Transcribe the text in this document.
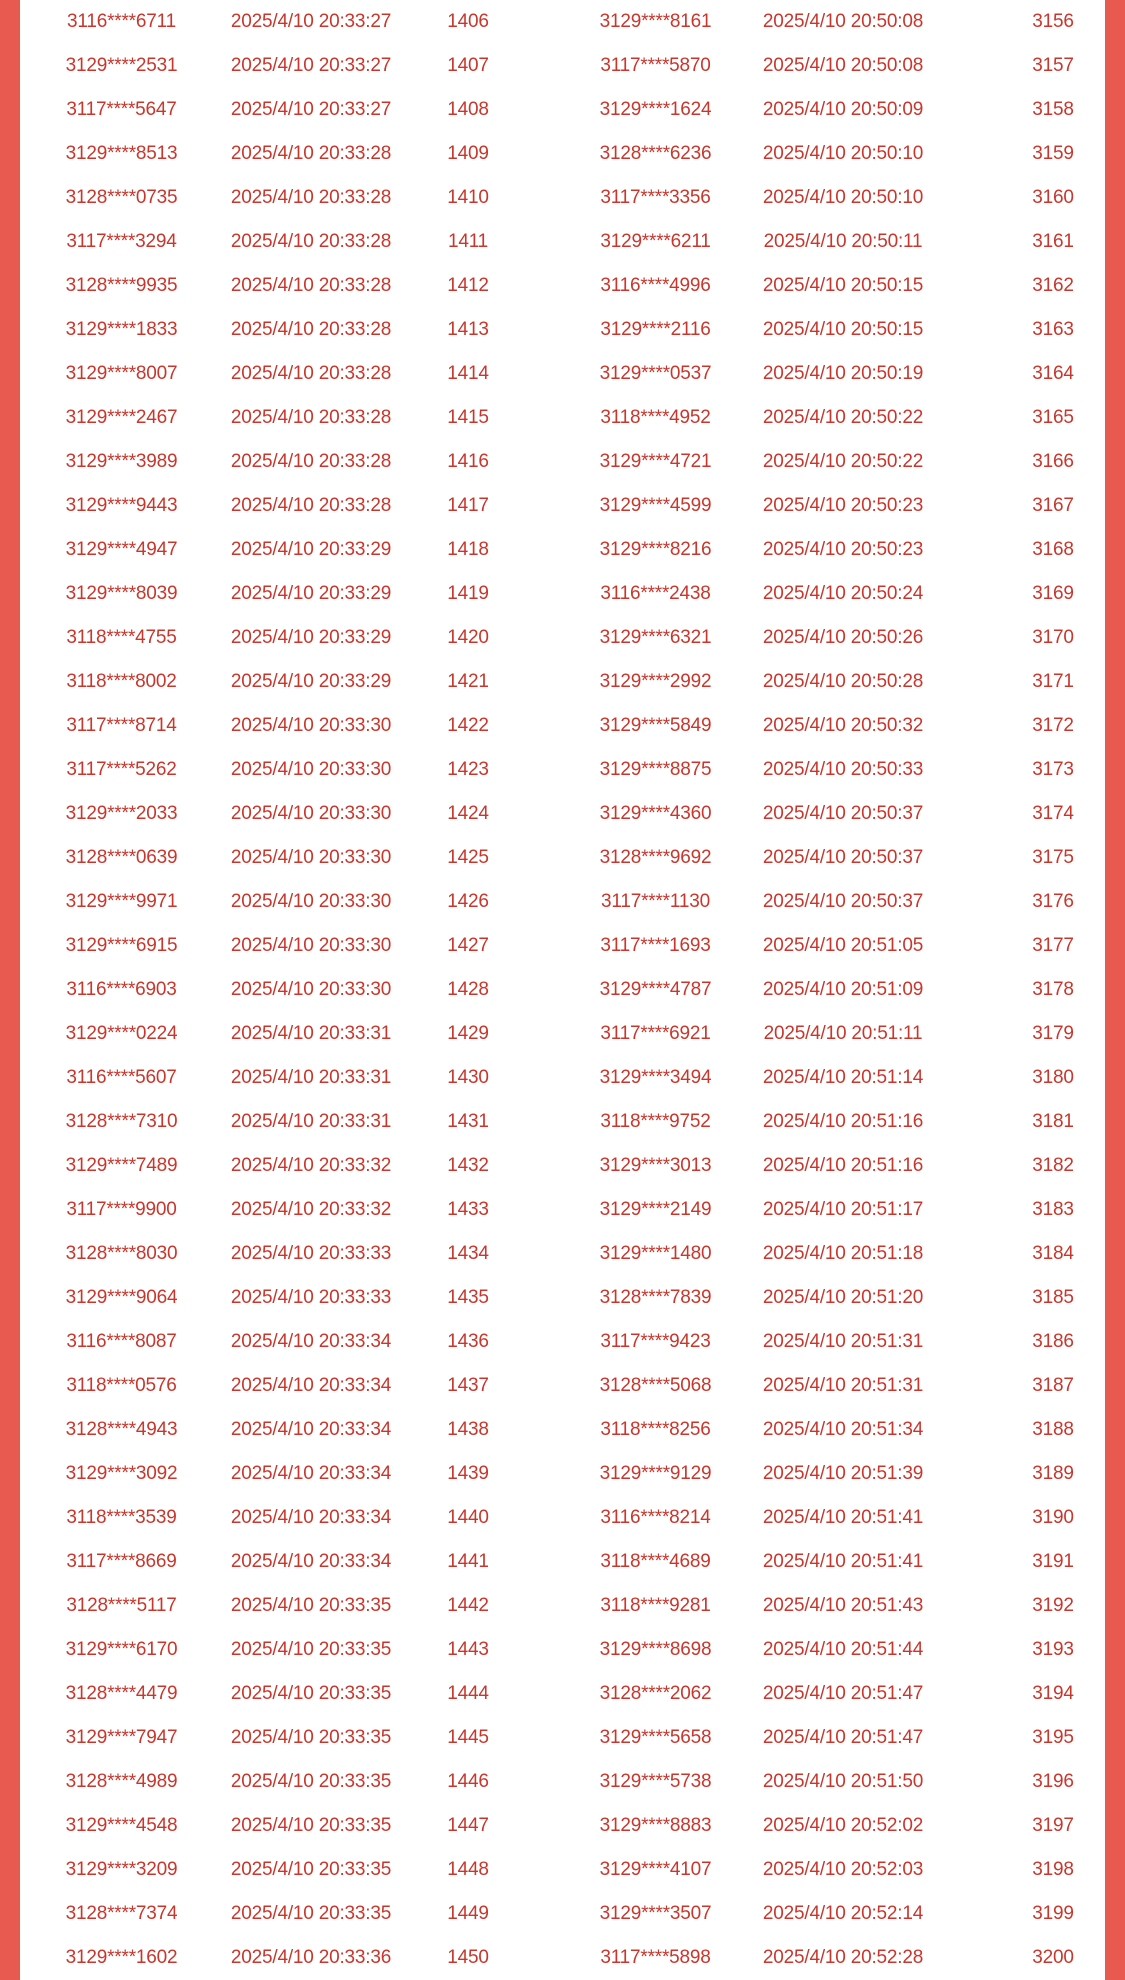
3116****6711	2025/4/10 20:33:27	1406	3129****8161	2025/4/10 20:50:08	3156
3129****2531	2025/4/10 20:33:27	1407	3117****5870	2025/4/10 20:50:08	3157
3117****5647	2025/4/10 20:33:27	1408	3129****1624	2025/4/10 20:50:09	3158
3129****8513	2025/4/10 20:33:28	1409	3128****6236	2025/4/10 20:50:10	3159
3128****0735	2025/4/10 20:33:28	1410	3117****3356	2025/4/10 20:50:10	3160
3117****3294	2025/4/10 20:33:28	1411	3129****6211	2025/4/10 20:50:11	3161
3128****9935	2025/4/10 20:33:28	1412	3116****4996	2025/4/10 20:50:15	3162
3129****1833	2025/4/10 20:33:28	1413	3129****2116	2025/4/10 20:50:15	3163
3129****8007	2025/4/10 20:33:28	1414	3129****0537	2025/4/10 20:50:19	3164
3129****2467	2025/4/10 20:33:28	1415	3118****4952	2025/4/10 20:50:22	3165
3129****3989	2025/4/10 20:33:28	1416	3129****4721	2025/4/10 20:50:22	3166
3129****9443	2025/4/10 20:33:28	1417	3129****4599	2025/4/10 20:50:23	3167
3129****4947	2025/4/10 20:33:29	1418	3129****8216	2025/4/10 20:50:23	3168
3129****8039	2025/4/10 20:33:29	1419	3116****2438	2025/4/10 20:50:24	3169
3118****4755	2025/4/10 20:33:29	1420	3129****6321	2025/4/10 20:50:26	3170
3118****8002	2025/4/10 20:33:29	1421	3129****2992	2025/4/10 20:50:28	3171
3117****8714	2025/4/10 20:33:30	1422	3129****5849	2025/4/10 20:50:32	3172
3117****5262	2025/4/10 20:33:30	1423	3129****8875	2025/4/10 20:50:33	3173
3129****2033	2025/4/10 20:33:30	1424	3129****4360	2025/4/10 20:50:37	3174
3128****0639	2025/4/10 20:33:30	1425	3128****9692	2025/4/10 20:50:37	3175
3129****9971	2025/4/10 20:33:30	1426	3117****1130	2025/4/10 20:50:37	3176
3129****6915	2025/4/10 20:33:30	1427	3117****1693	2025/4/10 20:51:05	3177
3116****6903	2025/4/10 20:33:30	1428	3129****4787	2025/4/10 20:51:09	3178
3129****0224	2025/4/10 20:33:31	1429	3117****6921	2025/4/10 20:51:11	3179
3116****5607	2025/4/10 20:33:31	1430	3129****3494	2025/4/10 20:51:14	3180
3128****7310	2025/4/10 20:33:31	1431	3118****9752	2025/4/10 20:51:16	3181
3129****7489	2025/4/10 20:33:32	1432	3129****3013	2025/4/10 20:51:16	3182
3117****9900	2025/4/10 20:33:32	1433	3129****2149	2025/4/10 20:51:17	3183
3128****8030	2025/4/10 20:33:33	1434	3129****1480	2025/4/10 20:51:18	3184
3129****9064	2025/4/10 20:33:33	1435	3128****7839	2025/4/10 20:51:20	3185
3116****8087	2025/4/10 20:33:34	1436	3117****9423	2025/4/10 20:51:31	3186
3118****0576	2025/4/10 20:33:34	1437	3128****5068	2025/4/10 20:51:31	3187
3128****4943	2025/4/10 20:33:34	1438	3118****8256	2025/4/10 20:51:34	3188
3129****3092	2025/4/10 20:33:34	1439	3129****9129	2025/4/10 20:51:39	3189
3118****3539	2025/4/10 20:33:34	1440	3116****8214	2025/4/10 20:51:41	3190
3117****8669	2025/4/10 20:33:34	1441	3118****4689	2025/4/10 20:51:41	3191
3128****5117	2025/4/10 20:33:35	1442	3118****9281	2025/4/10 20:51:43	3192
3129****6170	2025/4/10 20:33:35	1443	3129****8698	2025/4/10 20:51:44	3193
3128****4479	2025/4/10 20:33:35	1444	3128****2062	2025/4/10 20:51:47	3194
3129****7947	2025/4/10 20:33:35	1445	3129****5658	2025/4/10 20:51:47	3195
3128****4989	2025/4/10 20:33:35	1446	3129****5738	2025/4/10 20:51:50	3196
3129****4548	2025/4/10 20:33:35	1447	3129****8883	2025/4/10 20:52:02	3197
3129****3209	2025/4/10 20:33:35	1448	3129****4107	2025/4/10 20:52:03	3198
3128****7374	2025/4/10 20:33:35	1449	3129****3507	2025/4/10 20:52:14	3199
3129****1602	2025/4/10 20:33:36	1450	3117****5898	2025/4/10 20:52:28	3200
